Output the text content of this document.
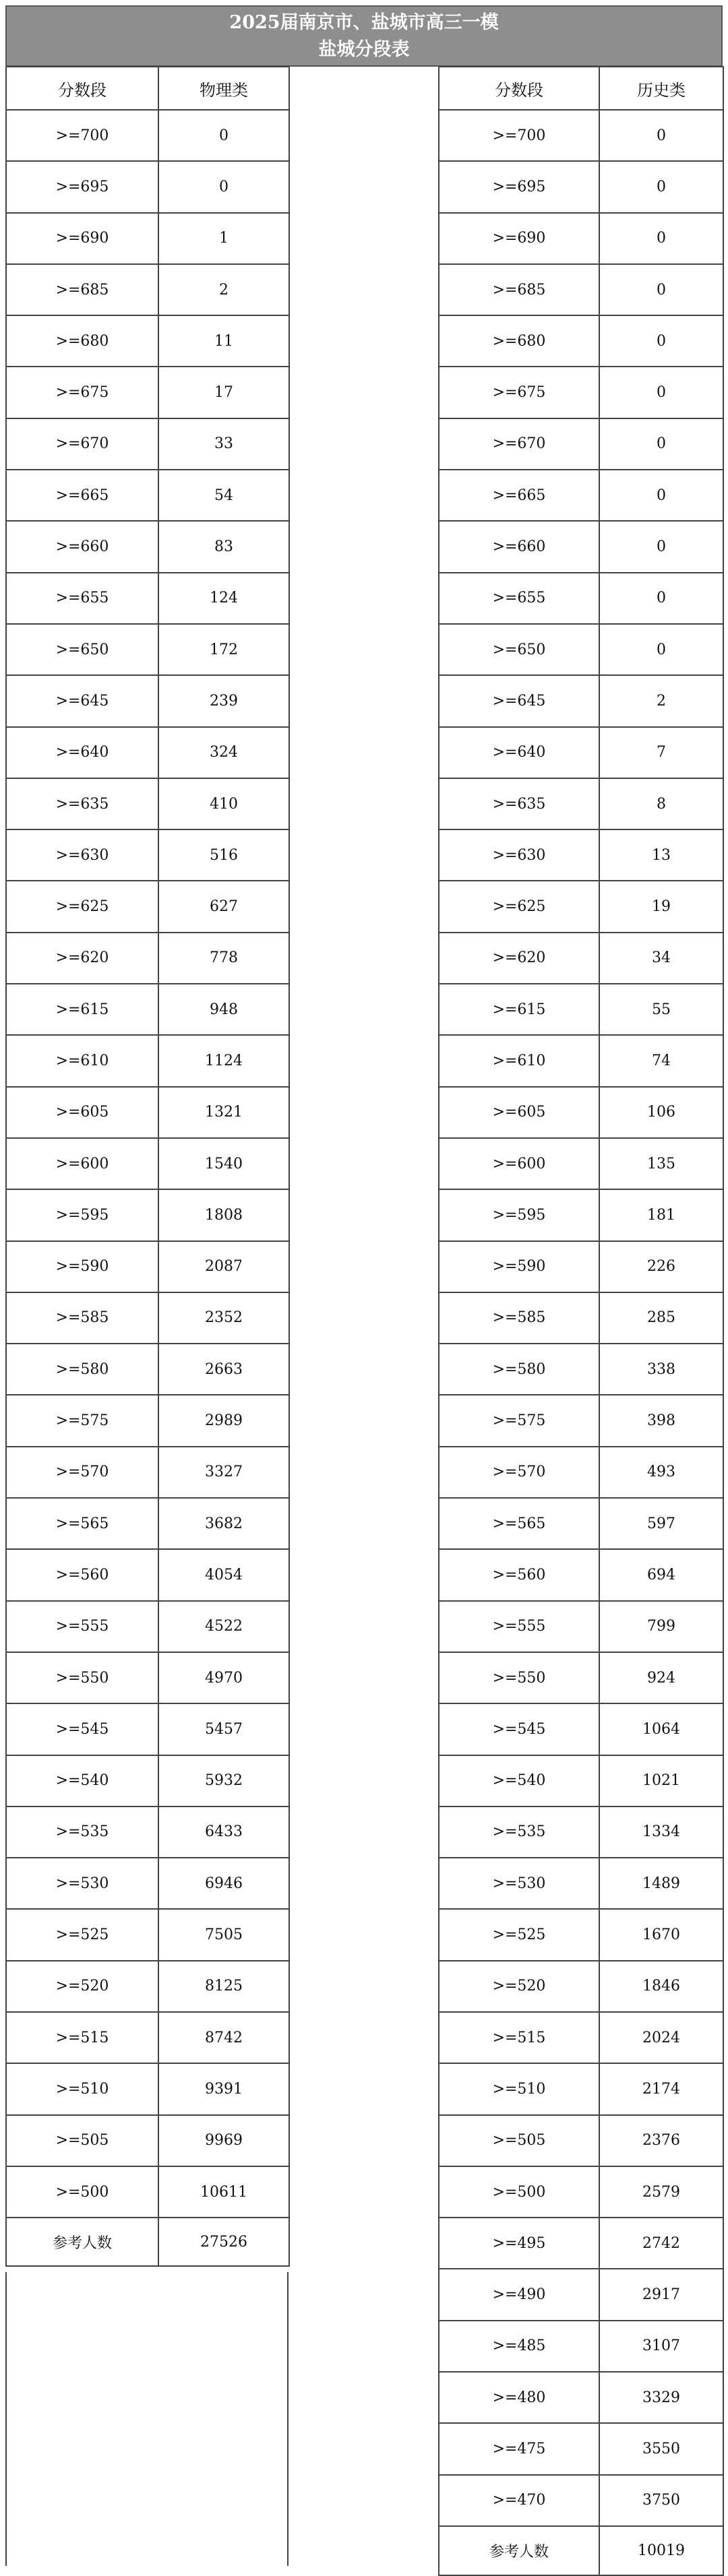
2025届南京市、盐城市高三一模
盐城分段表
分数段	物理类
>=700	0
>=695	0
>=690	1
>=685	2
>=680	11
>=675	17
>=670	33
>=665	54
>=660	83
>=655	124
>=650	172
>=645	239
>=640	324
>=635	410
>=630	516
>=625	627
>=620	778
>=615	948
>=610	1124
>=605	1321
>=600	1540
>=595	1808
>=590	2087
>=585	2352
>=580	2663
>=575	2989
>=570	3327
>=565	3682
>=560	4054
>=555	4522
>=550	4970
>=545	5457
>=540	5932
>=535	6433
>=530	6946
>=525	7505
>=520	8125
>=515	8742
>=510	9391
>=505	9969
>=500	10611
参考人数	27526
分数段	历史类
>=700	0
>=695	0
>=690	0
>=685	0
>=680	0
>=675	0
>=670	0
>=665	0
>=660	0
>=655	0
>=650	0
>=645	2
>=640	7
>=635	8
>=630	13
>=625	19
>=620	34
>=615	55
>=610	74
>=605	106
>=600	135
>=595	181
>=590	226
>=585	285
>=580	338
>=575	398
>=570	493
>=565	597
>=560	694
>=555	799
>=550	924
>=545	1064
>=540	1021
>=535	1334
>=530	1489
>=525	1670
>=520	1846
>=515	2024
>=510	2174
>=505	2376
>=500	2579
>=495	2742
>=490	2917
>=485	3107
>=480	3329
>=475	3550
>=470	3750
参考人数	10019
